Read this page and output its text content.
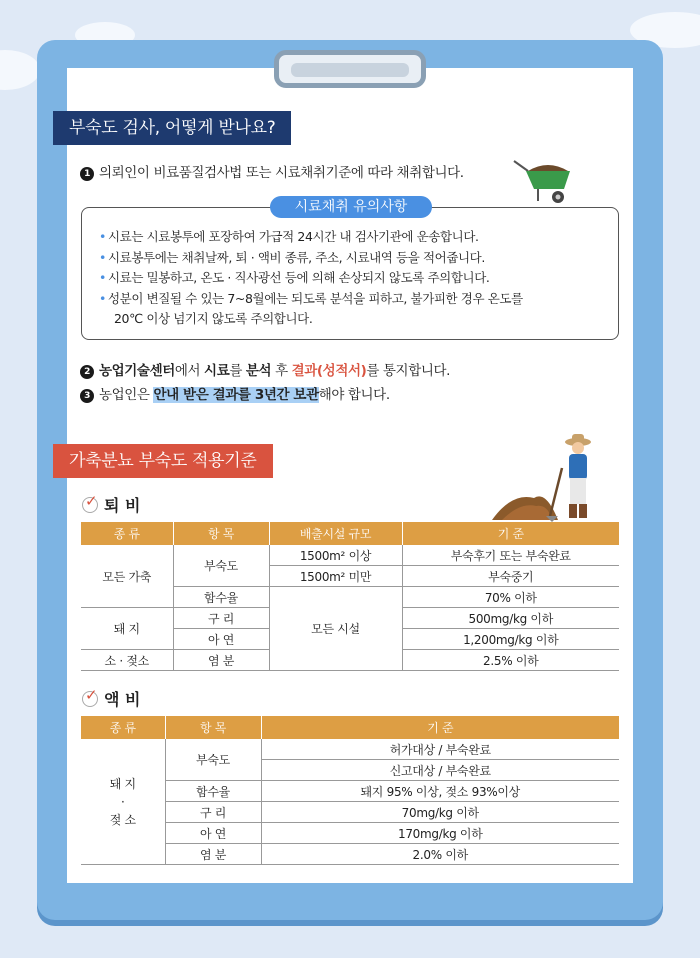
부숙도 검사, 어떻게 받나요?
1 의뢰인이 비료품질검사법 또는 시료채취기준에 따라 채취합니다.
• 시료는 시료봉투에 포장하여 가급적 24시간 내 검사기관에 운송합니다.
• 시료봉투에는 채취날짜, 퇴 · 액비 종류, 주소, 시료내역 등을 적어줍니다.
• 시료는 밀봉하고, 온도 · 직사광선 등에 의해 손상되지 않도록 주의합니다.
• 성분이 변질될 수 있는 7~8월에는 되도록 분석을 피하고, 불가피한 경우 온도를
20℃ 이상 넘기지 않도록 주의합니다.
시료채취 유의사항
2 농업기술센터에서 시료를 분석 후 결과(성적서)를 통지합니다.
3 농업인은 안내 받은 결과를 3년간 보관해야 합니다.
가축분뇨 부숙도 적용기준
✓퇴 비
종 류	항 목	배출시설 규모	기 준
모든 가축	부숙도	1500m² 이상	부숙후기 또는 부숙완료
		1500m² 미만	부숙중기
	함수율	모든 시설	70% 이하
돼 지	구 리		500mg/kg 이하
	아 연		1,200mg/kg 이하
소 · 젖소	염 분		2.5% 이하
✓액 비
종 류	항 목	기 준
돼 지
·
젖 소	부숙도	허가대상 / 부숙완료
		신고대상 / 부숙완료
	함수율	돼지 95% 이상, 젖소 93%이상
	구 리	70mg/kg 이하
	아 연	170mg/kg 이하
	염 분	2.0% 이하
